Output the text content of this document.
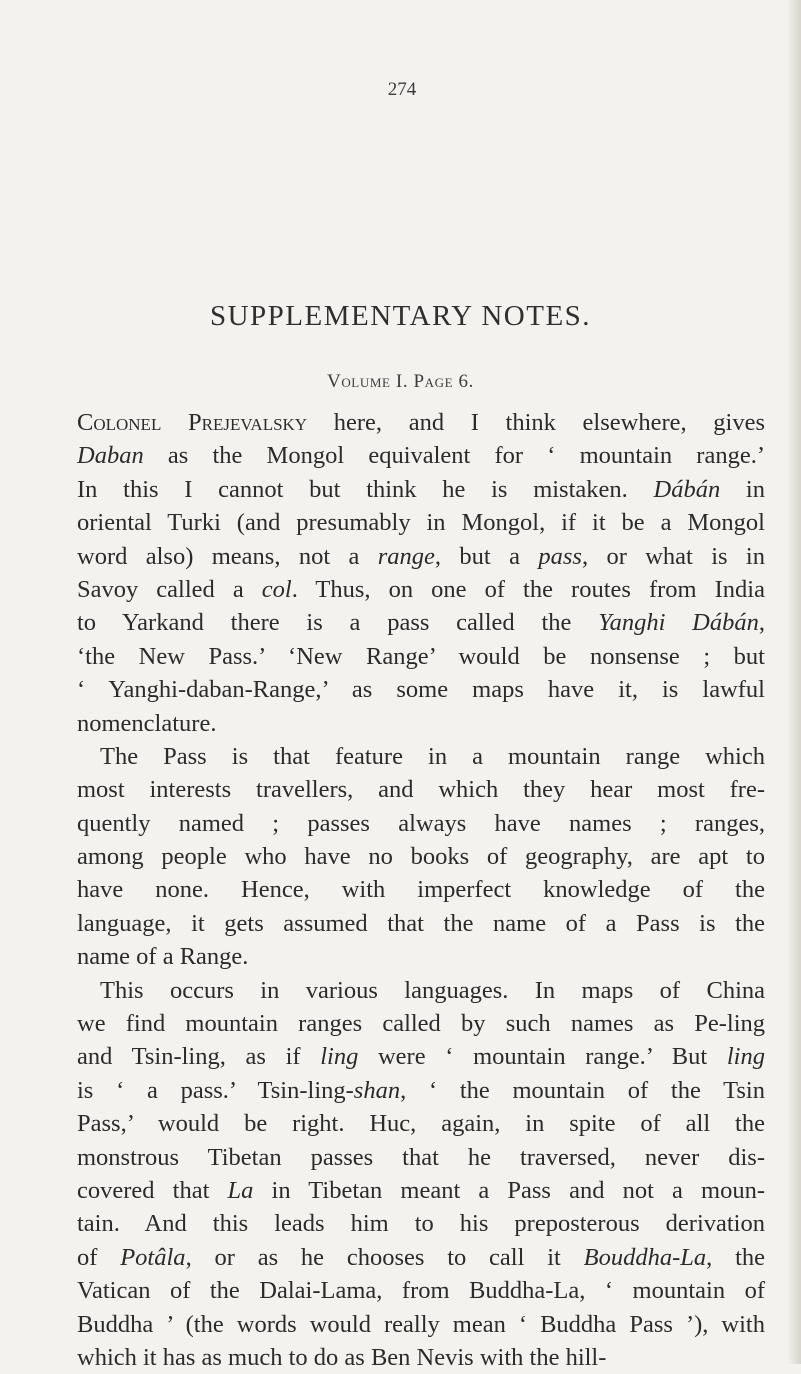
274
SUPPLEMENTARY NOTES.
Volume I. Page 6.
Colonel Prejevalsky here, and I think elsewhere, gives
Daban as the Mongol equivalent for ‘ mountain range.’
In this I cannot but think he is mistaken. Dábán in
oriental Turki (and presumably in Mongol, if it be a Mongol
word also) means, not a range, but a pass, or what is in
Savoy called a col. Thus, on one of the routes from India
to Yarkand there is a pass called the Yanghi Dábán,
‘the New Pass.’ ‘New Range’ would be nonsense ; but
‘ Yanghi-daban-Range,’ as some maps have it, is lawful
nomenclature.
The Pass is that feature in a mountain range which
most interests travellers, and which they hear most fre-
quently named ; passes always have names ; ranges,
among people who have no books of geography, are apt to
have none. Hence, with imperfect knowledge of the
language, it gets assumed that the name of a Pass is the
name of a Range.
This occurs in various languages. In maps of China
we find mountain ranges called by such names as Pe-ling
and Tsin-ling, as if ling were ‘ mountain range.’ But ling
is ‘ a pass.’ Tsin-ling-shan, ‘ the mountain of the Tsin
Pass,’ would be right. Huc, again, in spite of all the
monstrous Tibetan passes that he traversed, never dis-
covered that La in Tibetan meant a Pass and not a moun-
tain. And this leads him to his preposterous derivation
of Potâla, or as he chooses to call it Bouddha-La, the
Vatican of the Dalai-Lama, from Buddha-La, ‘ mountain of
Buddha ’ (the words would really mean ‘ Buddha Pass ’), with
which it has as much to do as Ben Nevis with the hill-
